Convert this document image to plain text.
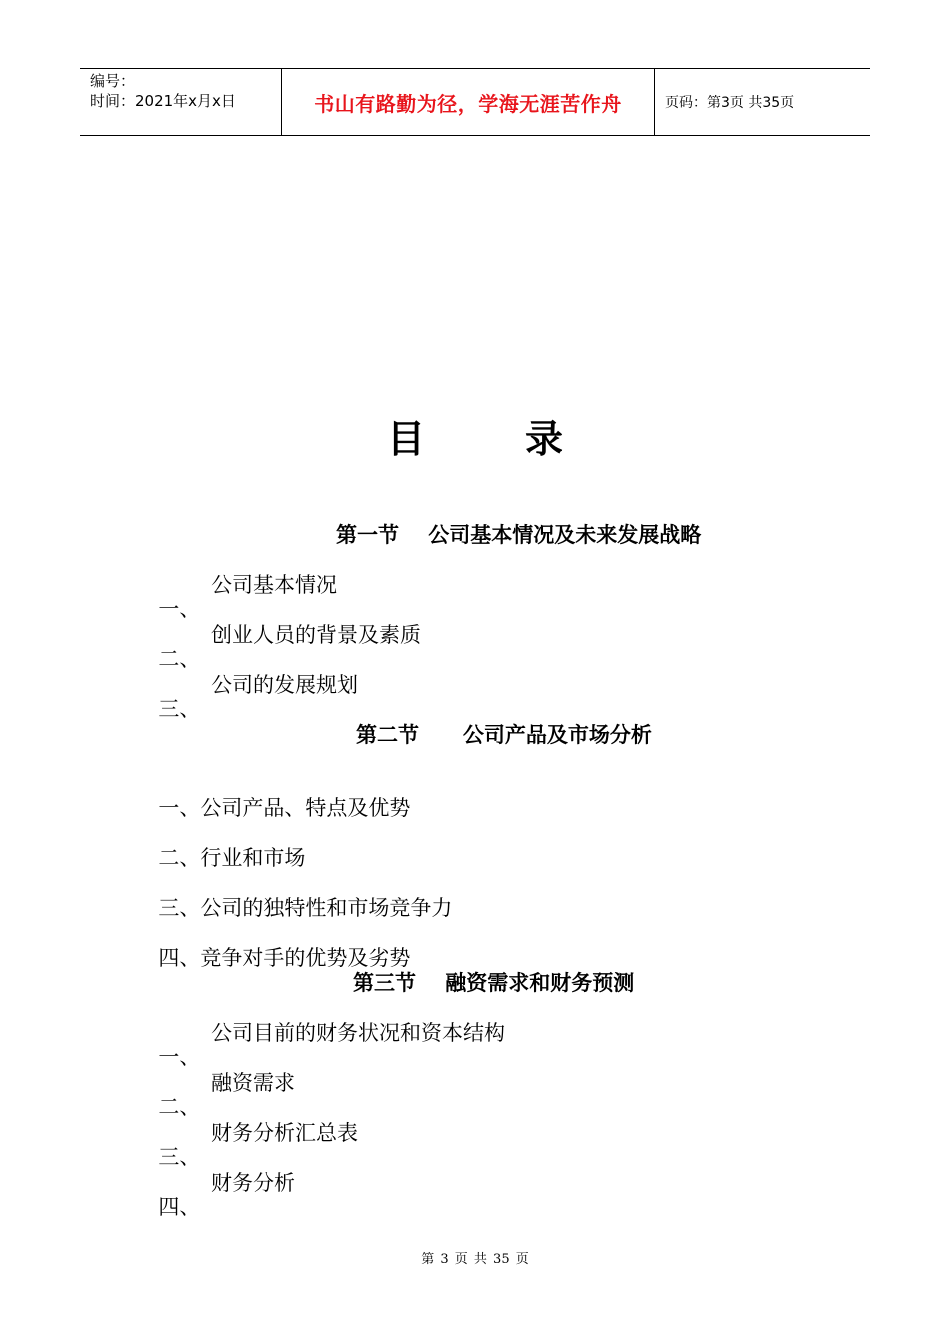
编号：
时间：2021年x月x日	书山有路勤为径，学海无涯苦作舟	页码：第3页 共35页
目	录
第一节    公司基本情况及未来发展战略

一、
公司基本情况

二、
创业人员的背景及素质

三、
公司的发展规划

第二节      公司产品及市场分析

一、公司产品、特点及优势

二、行业和市场

三、公司的独特性和市场竞争力

四、竞争对手的优势及劣势

第三节    融资需求和财务预测

一、
公司目前的财务状况和资本结构

二、
融资需求

三、
财务分析汇总表

四、
财务分析

第 3 页 共 35 页
